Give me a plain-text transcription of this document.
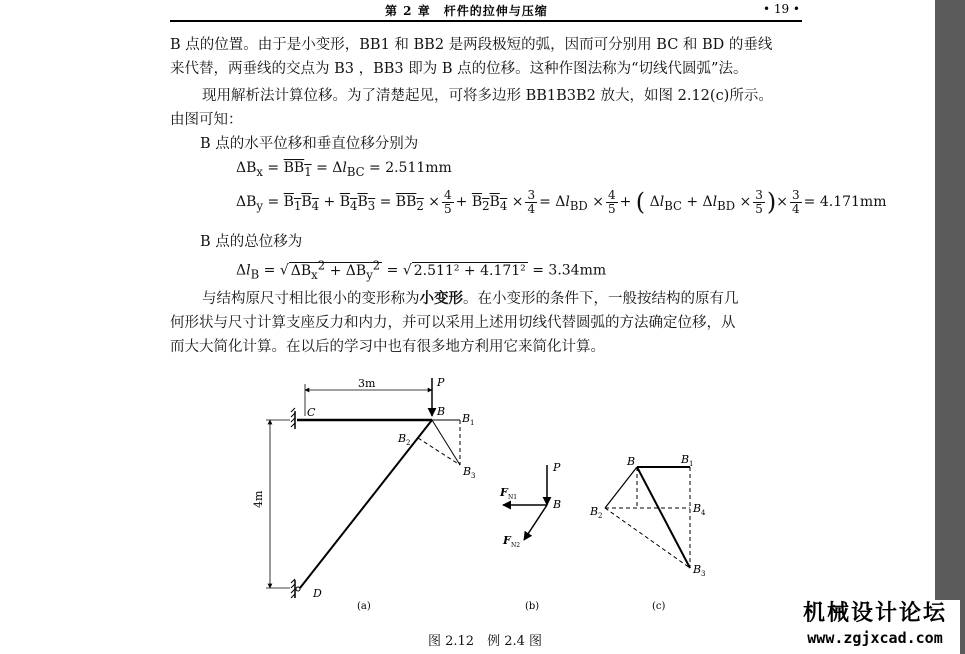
第 2 章　杆件的拉伸与压缩	• 19 •
B 点的位置。由于是小变形，BB1 和 BB2 是两段极短的弧，因而可分别用 BC 和 BD 的垂线
来代替，两垂线的交点为 B3 ，BB3 即为 B 点的位移。这种作图法称为“切线代圆弧”法。
现用解析法计算位移。为了清楚起见，可将多边形 BB1B3B2 放大，如图 2.12(c)所示。
由图可知：
B 点的水平位移和垂直位移分别为
$\Delta B_x = BB_1 = \Delta l_{BC} = 2.511mm$
$\Delta B_y = B_1B_4 + B_4B_3 = BB_2 \times \frac{4}{5} + B_2B_4 \times \frac{3}{4} = \Delta l_{BD} \times \frac{4}{5}$ + ( $\Delta l_{BC} + \Delta l_{BD} \times \frac{3}{5}$ )× $\frac{3}{4} = 4.171mm$
B 点的总位移为
$\Delta l_B$ = √ $\Delta B_x^2 + \Delta B_y^2$ = √ 2.511² + 4.171² = 3.34mm
与结构原尺寸相比很小的变形称为小变形。在小变形的条件下，一般按结构的原有几
何形状与尺寸计算支座反力和内力，并可以采用上述用切线代替圆弧的方法确定位移，从
而大大简化计算。在以后的学习中也有很多地方利用它来简化计算。
3m
4m
P
B
B 1
B 2
B 3
C
D
(a)
P
B
F N1
F N2
(b)
B	B 1
B 2
B 4
B 3
(c)
图 2.12　例 2.4 图
机械设计论坛
www.zgjxcad.com
